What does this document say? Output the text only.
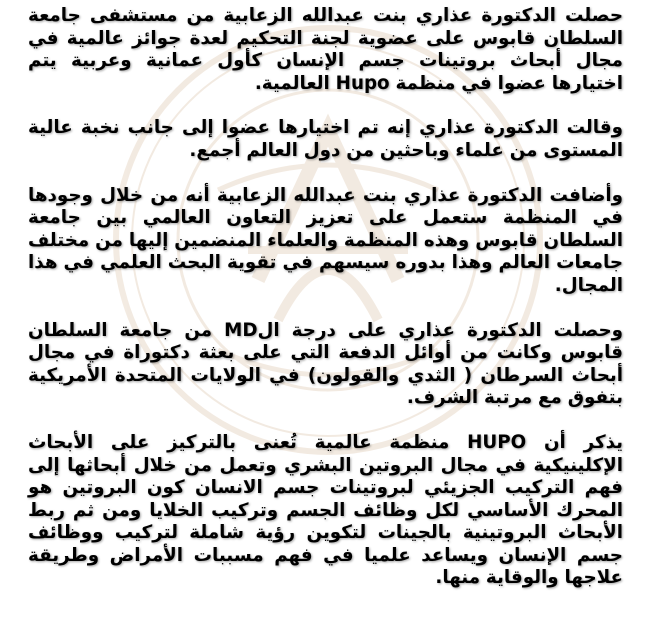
حصلت الدكتورة عذاري بنت عبدالله الزعابية من مستشفى جامعة السلطان قابوس على عضوية لجنة التحكيم لعدة جوائز عالمية في مجال أبحاث بروتينات جسم الإنسان كأول عمانية وعربية يتم اختيارها عضوا في منظمة Hupo العالمية.

وقالت الدكتورة عذاري إنه تم اختيارها عضوا إلى جانب نخبة عالية المستوى من علماء وباحثين من دول العالم أجمع.

وأضافت الدكتورة عذاري بنت عبدالله الزعابية أنه من خلال وجودها في المنظمة ستعمل على تعزيز التعاون العالمي بين جامعة السلطان قابوس وهذه المنظمة والعلماء المنضمين إليها من مختلف جامعات العالم وهذا بدوره سيسهم في تقوية البحث العلمي في هذا المجال.

وحصلت الدكتورة عذاري على درجة الMD من جامعة السلطان قابوس وكانت من أوائل الدفعة التي على بعثة دكتوراة في مجال أبحاث السرطان ( الثدي والقولون) في الولايات المتحدة الأمريكية بتفوق مع مرتبة الشرف.

يذكر أن HUPO منظمة عالمية تُعنى بالتركيز على الأبحاث الإكلينيكية في مجال البروتين البشري وتعمل من خلال أبحاثها إلى فهم التركيب الجزيئي لبروتينات جسم الانسان كون البروتين هو المحرك الأساسي لكل وظائف الجسم وتركيب الخلايا ومن ثم ربط الأبحاث البروتينية بالجينات لتكوين رؤية شاملة لتركيب ووظائف جسم الإنسان ويساعد علميا في فهم مسببات الأمراض وطريقة علاجها والوقاية منها.
